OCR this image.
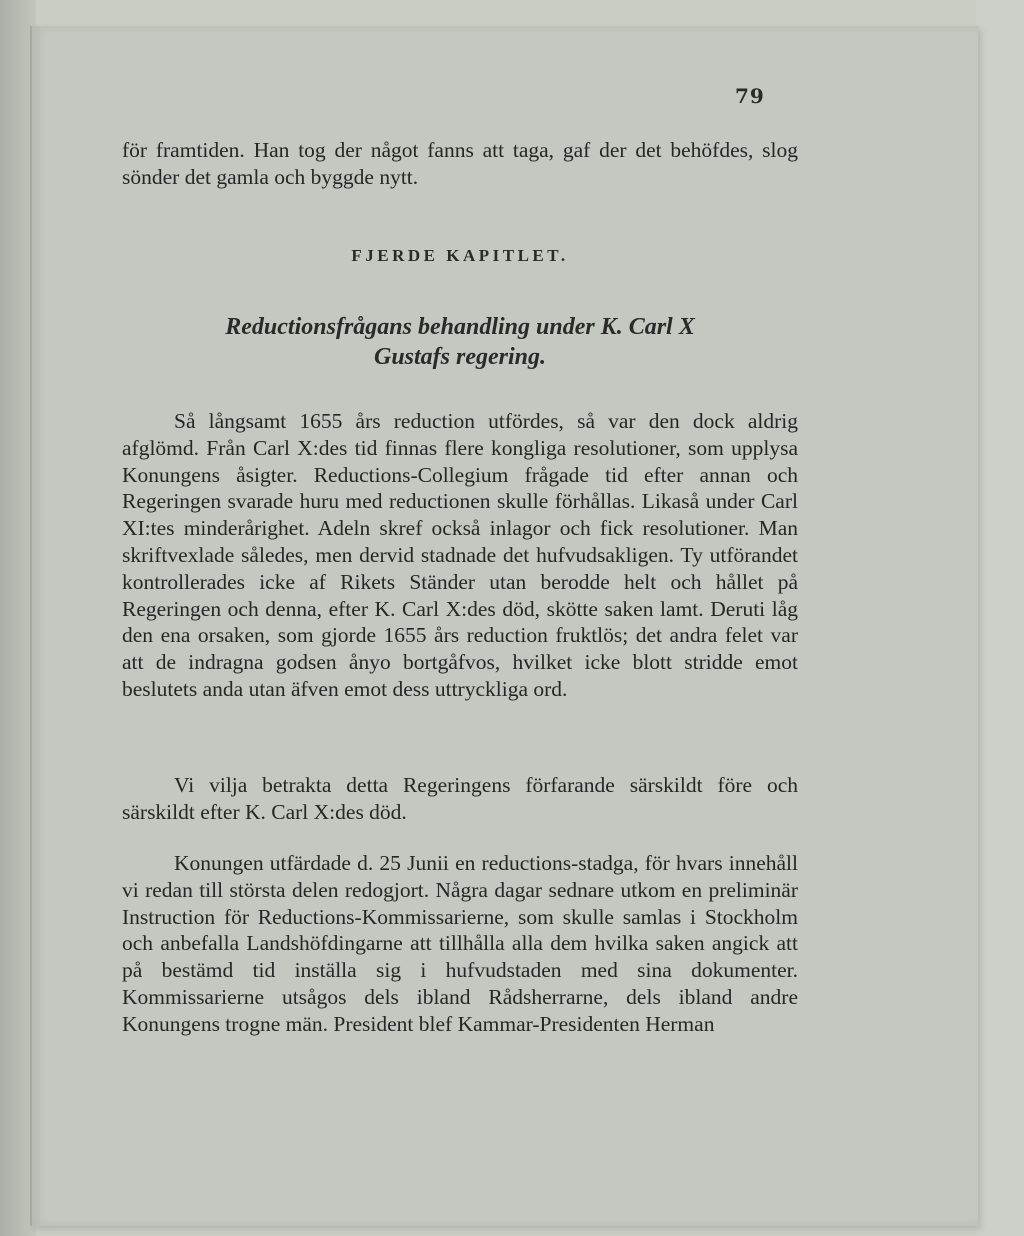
79
för framtiden. Han tog der något fanns att taga, gaf der det behöfdes, slog sönder det gamla och byggde nytt.
FJERDE KAPITLET.
Reductionsfrågans behandling under K. Carl X
Gustafs regering.
Så långsamt 1655 års reduction utfördes, så var den dock aldrig afglömd. Från Carl X:des tid finnas flere kongliga resolutioner, som upplysa Konungens åsigter. Reductions-Collegium frågade tid efter annan och Regeringen svarade huru med reductionen skulle förhållas. Likaså under Carl XI:tes minderårighet. Adeln skref också inlagor och fick resolutioner. Man skriftvexlade således, men dervid stadnade det hufvudsakligen. Ty utförandet kontrollerades icke af Rikets Ständer utan berodde helt och hållet på Regeringen och denna, efter K. Carl X:des död, skötte saken lamt. Deruti låg den ena orsaken, som gjorde 1655 års reduction fruktlös; det andra felet var att de indragna godsen ånyo bortgåfvos, hvilket icke blott stridde emot beslutets anda utan äfven emot dess uttryckliga ord.
Vi vilja betrakta detta Regeringens förfarande särskildt före och särskildt efter K. Carl X:des död.
Konungen utfärdade d. 25 Junii en reductions-stadga, för hvars innehåll vi redan till största delen redogjort. Några dagar sednare utkom en preliminär Instruction för Reductions-Kommissarierne, som skulle samlas i Stockholm och anbefalla Landshöfdingarne att tillhålla alla dem hvilka saken angick att på bestämd tid inställa sig i hufvudstaden med sina dokumenter. Kommissarierne utsågos dels ibland Rådsherrarne, dels ibland andre Konungens trogne män. President blef Kammar-Presidenten Herman
